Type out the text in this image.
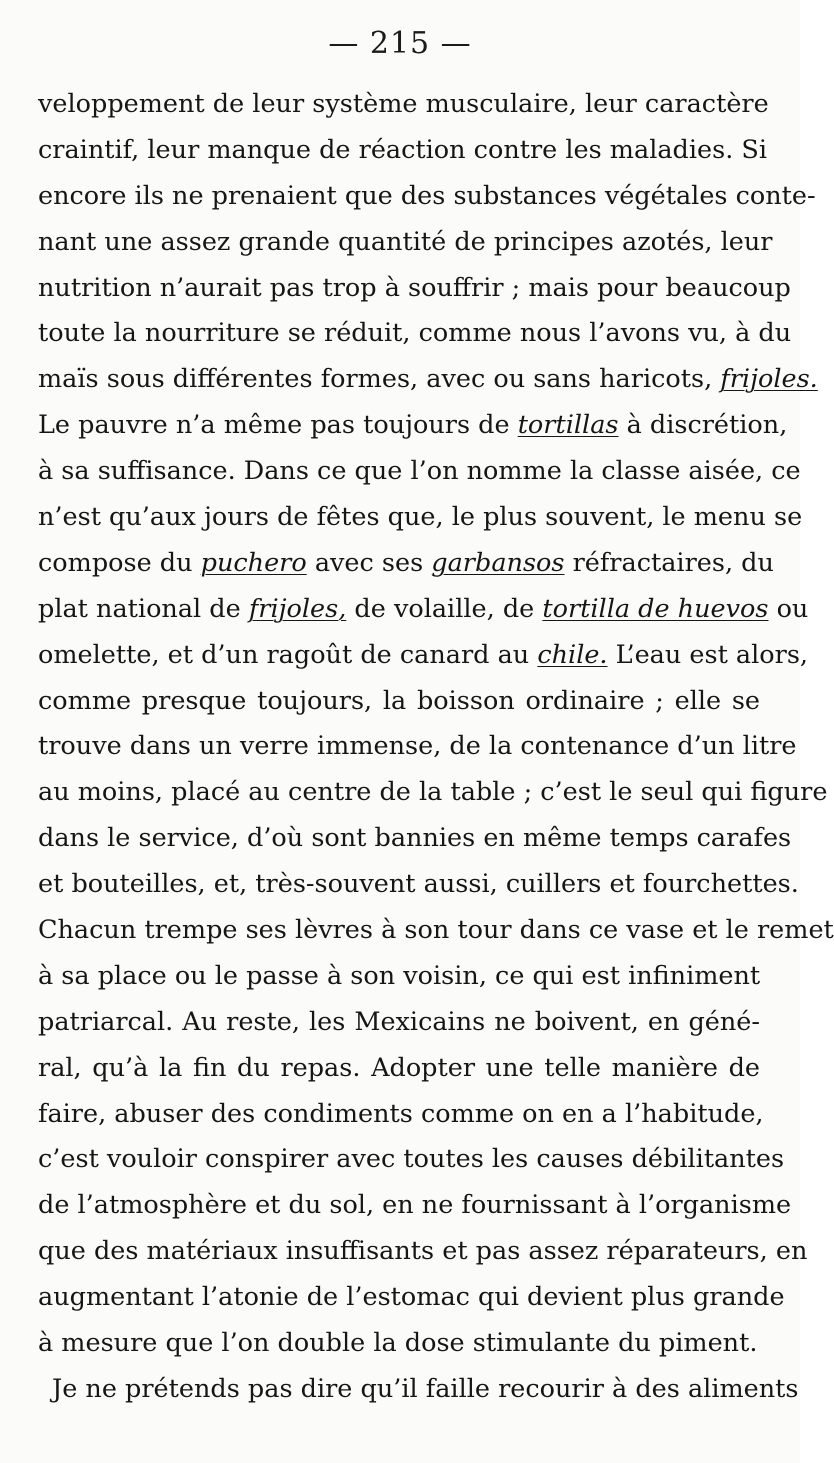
— 215 —
veloppement de leur système musculaire, leur caractère
craintif, leur manque de réaction contre les maladies. Si
encore ils ne prenaient que des substances végétales conte-
nant une assez grande quantité de principes azotés, leur
nutrition n’aurait pas trop à souffrir ; mais pour beaucoup
toute la nourriture se réduit, comme nous l’avons vu, à du
maïs sous différentes formes, avec ou sans haricots, frijoles.
Le pauvre n’a même pas toujours de tortillas à discrétion,
à sa suffisance. Dans ce que l’on nomme la classe aisée, ce
n’est qu’aux jours de fêtes que, le plus souvent, le menu se
compose du puchero avec ses garbansos réfractaires, du
plat national de frijoles, de volaille, de tortilla de huevos ou
omelette, et d’un ragoût de canard au chile. L’eau est alors,
comme presque toujours, la boisson ordinaire ; elle se
trouve dans un verre immense, de la contenance d’un litre
au moins, placé au centre de la table ; c’est le seul qui figure
dans le service, d’où sont bannies en même temps carafes
et bouteilles, et, très-souvent aussi, cuillers et fourchettes.
Chacun trempe ses lèvres à son tour dans ce vase et le remet
à sa place ou le passe à son voisin, ce qui est infiniment
patriarcal. Au reste, les Mexicains ne boivent, en géné-
ral, qu’à la fin du repas. Adopter une telle manière de
faire, abuser des condiments comme on en a l’habitude,
c’est vouloir conspirer avec toutes les causes débilitantes
de l’atmosphère et du sol, en ne fournissant à l’organisme
que des matériaux insuffisants et pas assez réparateurs, en
augmentant l’atonie de l’estomac qui devient plus grande
à mesure que l’on double la dose stimulante du piment.
Je ne prétends pas dire qu’il faille recourir à des aliments
